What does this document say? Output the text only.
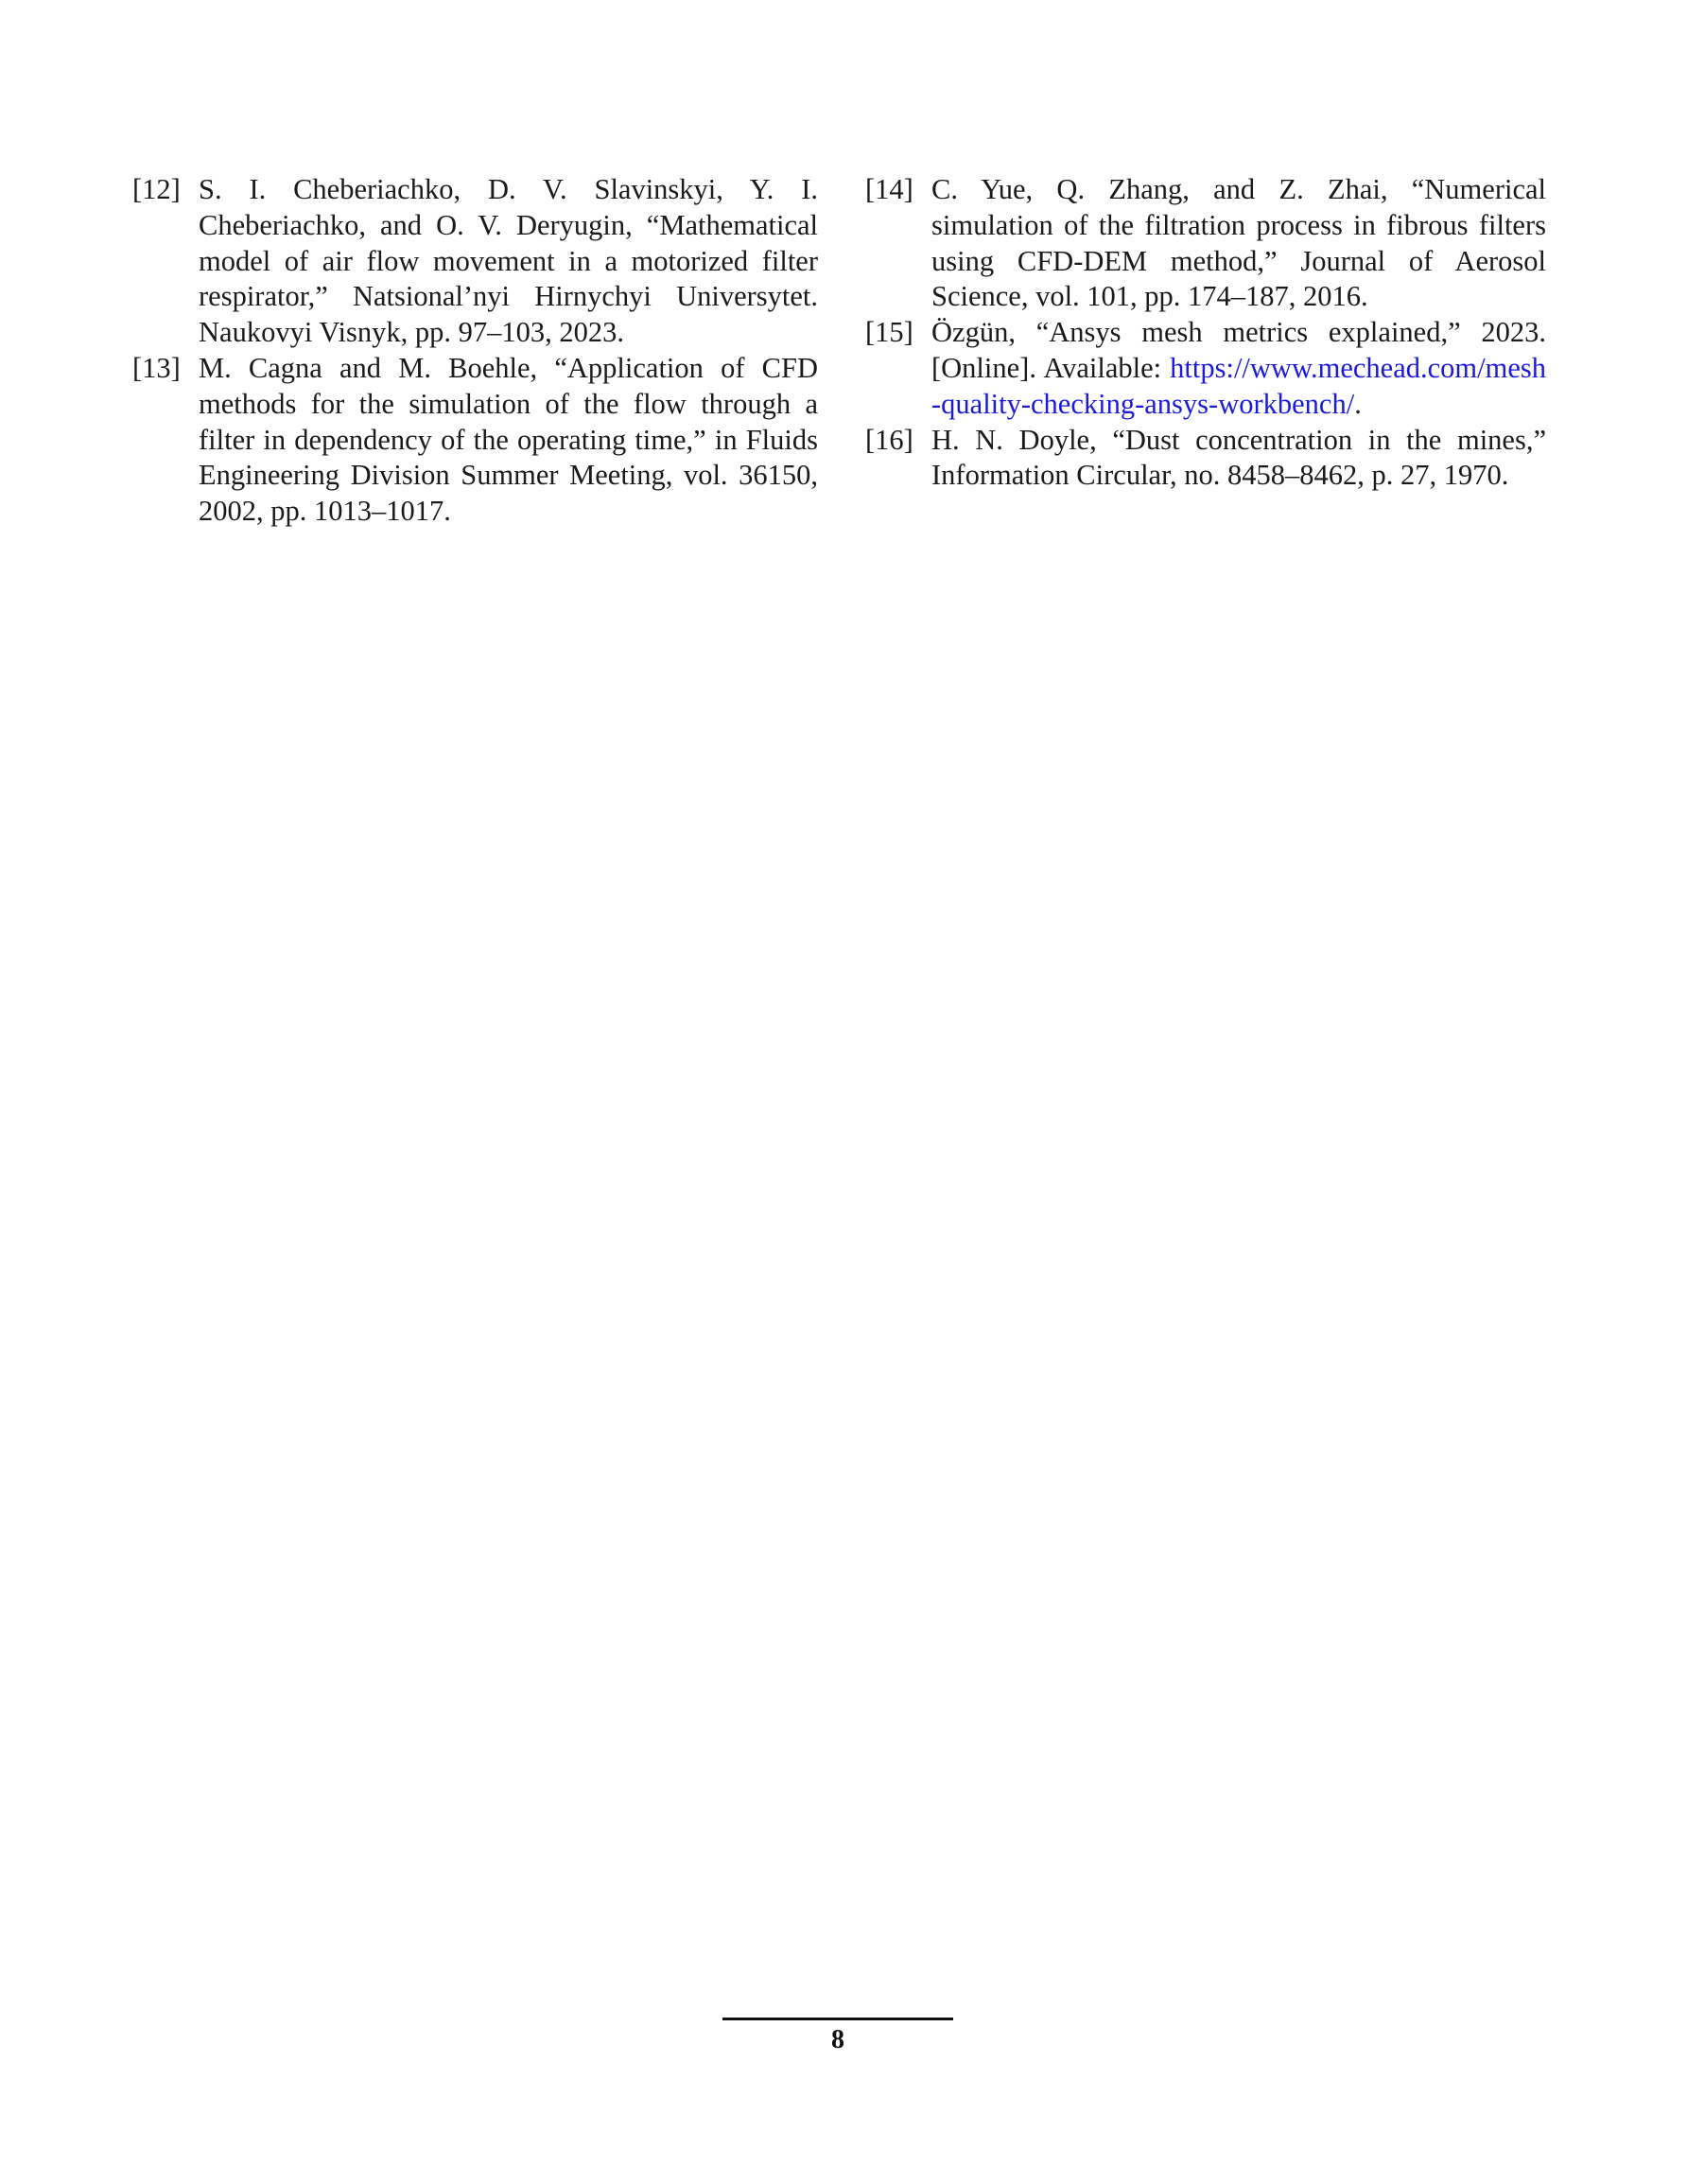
[12] S. I. Cheberiachko, D. V. Slavinskyi, Y. I. Cheberiachko, and O. V. Deryugin, “Mathematical model of air flow movement in a motorized filter respirator,” Natsional’nyi Hirnychyi Universytet. Naukovyi Visnyk, pp. 97–103, 2023.
[13] M. Cagna and M. Boehle, “Application of CFD methods for the simulation of the flow through a filter in dependency of the operating time,” in Fluids Engineering Division Summer Meeting, vol. 36150, 2002, pp. 1013–1017.
[14] C. Yue, Q. Zhang, and Z. Zhai, “Numerical simulation of the filtration process in fibrous filters using CFD-DEM method,” Journal of Aerosol Science, vol. 101, pp. 174–187, 2016.
[15] Özgün, “Ansys mesh metrics explained,” 2023. [Online]. Available: https://www.mechead.com/mesh-quality-checking-ansys-workbench/.
[16] H. N. Doyle, “Dust concentration in the mines,” Information Circular, no. 8458–8462, p. 27, 1970.
8
